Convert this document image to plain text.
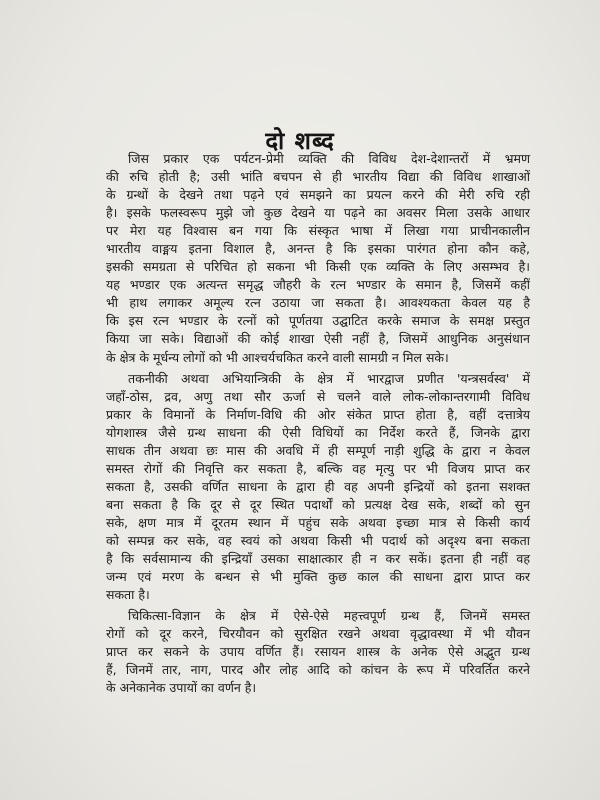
दो शब्द
जिस प्रकार एक पर्यटन-प्रेमी व्यक्ति की विविध देश-देशान्तरों में भ्रमण
की रुचि होती है; उसी भांति बचपन से ही भारतीय विद्या की विविध शाखाओं
के ग्रन्थों के देखने तथा पढ़ने एवं समझने का प्रयत्न करने की मेरी रुचि रही
है। इसके फलस्वरूप मुझे जो कुछ देखने या पढ़ने का अवसर मिला उसके आधार
पर मेरा यह विश्वास बन गया कि संस्कृत भाषा में लिखा गया प्राचीनकालीन
भारतीय वाङ्मय इतना विशाल है, अनन्त है कि इसका पारंगत होना कौन कहे,
इसकी समग्रता से परिचित हो सकना भी किसी एक व्यक्ति के लिए असम्भव है।
यह भण्डार एक अत्यन्त समृद्ध जौहरी के रत्न भण्डार के समान है, जिसमें कहीं
भी हाथ लगाकर अमूल्य रत्न उठाया जा सकता है। आवश्यकता केवल यह है
कि इस रत्न भण्डार के रत्नों को पूर्णतया उद्घाटित करके समाज के समक्ष प्रस्तुत
किया जा सके। विद्याओं की कोई शाखा ऐसी नहीं है, जिसमें आधुनिक अनुसंधान
के क्षेत्र के मूर्धन्य लोगों को भी आश्चर्यचकित करने वाली सामग्री न मिल सके।
तकनीकी अथवा अभियान्त्रिकी के क्षेत्र में भारद्वाज प्रणीत 'यन्त्रसर्वस्व' में
जहाँ-ठोस, द्रव, अणु तथा सौर ऊर्जा से चलने वाले लोक-लोकान्तरगामी विविध
प्रकार के विमानों के निर्माण-विधि की ओर संकेत प्राप्त होता है, वहीं दत्तात्रेय
योगशास्त्र जैसे ग्रन्थ साधना की ऐसी विधियों का निर्देश करते हैं, जिनके द्वारा
साधक तीन अथवा छः मास की अवधि में ही सम्पूर्ण नाड़ी शुद्धि के द्वारा न केवल
समस्त रोगों की निवृत्ति कर सकता है, बल्कि वह मृत्यु पर भी विजय प्राप्त कर
सकता है, उसकी वर्णित साधना के द्वारा ही वह अपनी इन्द्रियों को इतना सशक्त
बना सकता है कि दूर से दूर स्थित पदार्थों को प्रत्यक्ष देख सके, शब्दों को सुन
सके, क्षण मात्र में दूरतम स्थान में पहुंच सके अथवा इच्छा मात्र से किसी कार्य
को सम्पन्न कर सके, वह स्वयं को अथवा किसी भी पदार्थ को अदृश्य बना सकता
है कि सर्वसामान्य की इन्द्रियाँ उसका साक्षात्कार ही न कर सकें। इतना ही नहीं वह
जन्म एवं मरण के बन्धन से भी मुक्ति कुछ काल की साधना द्वारा प्राप्त कर
सकता है।
चिकित्सा-विज्ञान के क्षेत्र में ऐसे-ऐसे महत्त्वपूर्ण ग्रन्थ हैं, जिनमें समस्त
रोगों को दूर करने, चिरयौवन को सुरक्षित रखने अथवा वृद्धावस्था में भी यौवन
प्राप्त कर सकने के उपाय वर्णित हैं। रसायन शास्त्र के अनेक ऐसे अद्भुत ग्रन्थ
हैं, जिनमें तार, नाग, पारद और लोह आदि को कांचन के रूप में परिवर्तित करने
के अनेकानेक उपायों का वर्णन है।
